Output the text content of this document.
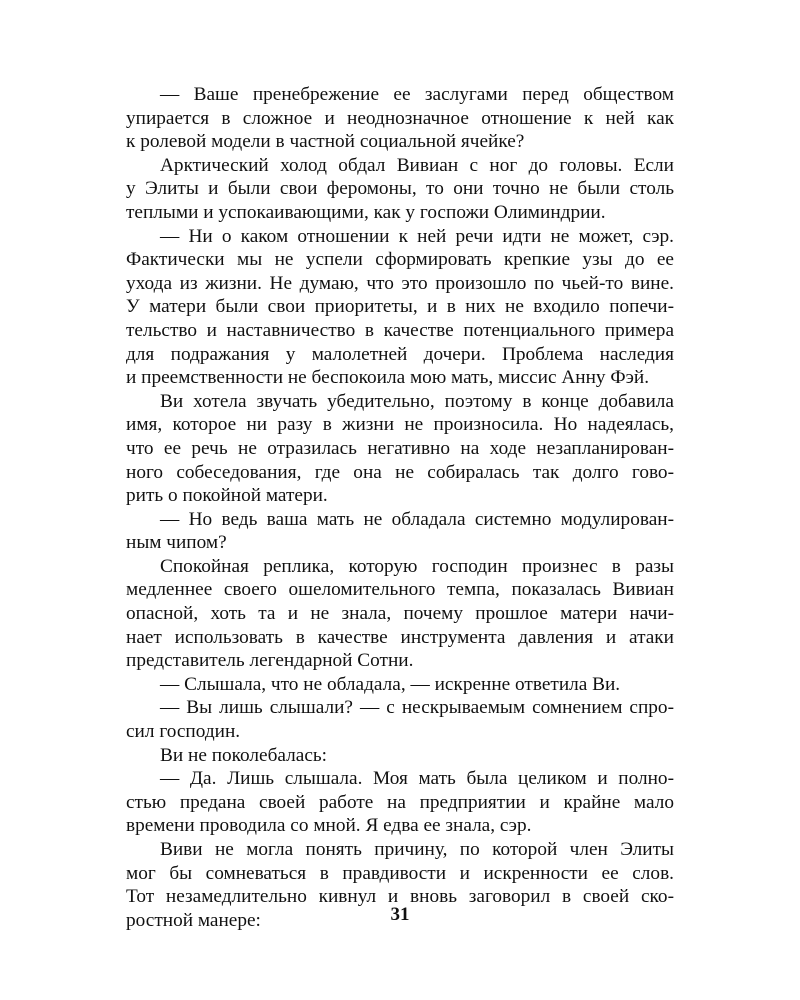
— Ваше пренебрежение ее заслугами перед обществом
упирается в сложное и неоднозначное отношение к ней как
к ролевой модели в частной социальной ячейке?
Арктический холод обдал Вивиан с ног до головы. Если
у Элиты и были свои феромоны, то они точно не были столь
теплыми и успокаивающими, как у госпожи Олиминдрии.
— Ни о каком отношении к ней речи идти не может, сэр.
Фактически мы не успели сформировать крепкие узы до ее
ухода из жизни. Не думаю, что это произошло по чьей-то вине.
У матери были свои приоритеты, и в них не входило попечи-
тельство и наставничество в качестве потенциального примера
для подражания у малолетней дочери. Проблема наследия
и преемственности не беспокоила мою мать, миссис Анну Фэй.
Ви хотела звучать убедительно, поэтому в конце добавила
имя, которое ни разу в жизни не произносила. Но надеялась,
что ее речь не отразилась негативно на ходе незапланирован-
ного собеседования, где она не собиралась так долго гово-
рить о покойной матери.
— Но ведь ваша мать не обладала системно модулирован-
ным чипом?
Спокойная реплика, которую господин произнес в разы
медленнее своего ошеломительного темпа, показалась Вивиан
опасной, хоть та и не знала, почему прошлое матери начи-
нает использовать в качестве инструмента давления и атаки
представитель легендарной Сотни.
— Слышала, что не обладала, — искренне ответила Ви.
— Вы лишь слышали? — с нескрываемым сомнением спро-
сил господин.
Ви не поколебалась:
— Да. Лишь слышала. Моя мать была целиком и полно-
стью предана своей работе на предприятии и крайне мало
времени проводила со мной. Я едва ее знала, сэр.
Виви не могла понять причину, по которой член Элиты
мог бы сомневаться в правдивости и искренности ее слов.
Тот незамедлительно кивнул и вновь заговорил в своей ско-
ростной манере:	31
